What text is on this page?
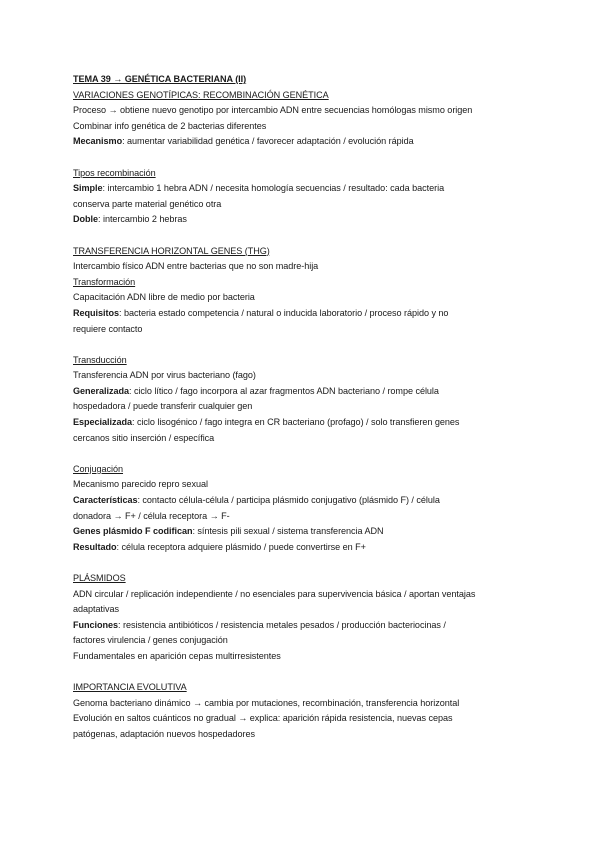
TEMA 39 → GENÉTICA BACTERIANA (II)
VARIACIONES GENOTÍPICAS: RECOMBINACIÓN GENÉTICA
Proceso → obtiene nuevo genotipo por intercambio ADN entre secuencias homólogas mismo origen
Combinar info genética de 2 bacterias diferentes
Mecanismo: aumentar variabilidad genética / favorecer adaptación / evolución rápida
Tipos recombinación
Simple: intercambio 1 hebra ADN / necesita homología secuencias / resultado: cada bacteria
conserva parte material genético otra
Doble: intercambio 2 hebras
TRANSFERENCIA HORIZONTAL GENES (THG)
Intercambio físico ADN entre bacterias que no son madre-hija
Transformación
Capacitación ADN libre de medio por bacteria
Requisitos: bacteria estado competencia / natural o inducida laboratorio / proceso rápido y no
requiere contacto
Transducción
Transferencia ADN por virus bacteriano (fago)
Generalizada: ciclo lítico / fago incorpora al azar fragmentos ADN bacteriano / rompe célula
hospedadora / puede transferir cualquier gen
Especializada: ciclo lisogénico / fago integra en CR bacteriano (profago) / solo transfieren genes
cercanos sitio inserción / específica
Conjugación
Mecanismo parecido repro sexual
Características: contacto célula-célula / participa plásmido conjugativo (plásmido F) / célula
donadora → F+ / célula receptora → F-
Genes plásmido F codifican: síntesis pili sexual / sistema transferencia ADN
Resultado: célula receptora adquiere plásmido / puede convertirse en F+
PLÁSMIDOS
ADN circular / replicación independiente / no esenciales para supervivencia básica / aportan ventajas
adaptativas
Funciones: resistencia antibióticos / resistencia metales pesados / producción bacteriocinas /
factores virulencia / genes conjugación
Fundamentales en aparición cepas multirresistentes
IMPORTANCIA EVOLUTIVA
Genoma bacteriano dinámico → cambia por mutaciones, recombinación, transferencia horizontal
Evolución en saltos cuánticos no gradual → explica: aparición rápida resistencia, nuevas cepas
patógenas, adaptación nuevos hospedadores
